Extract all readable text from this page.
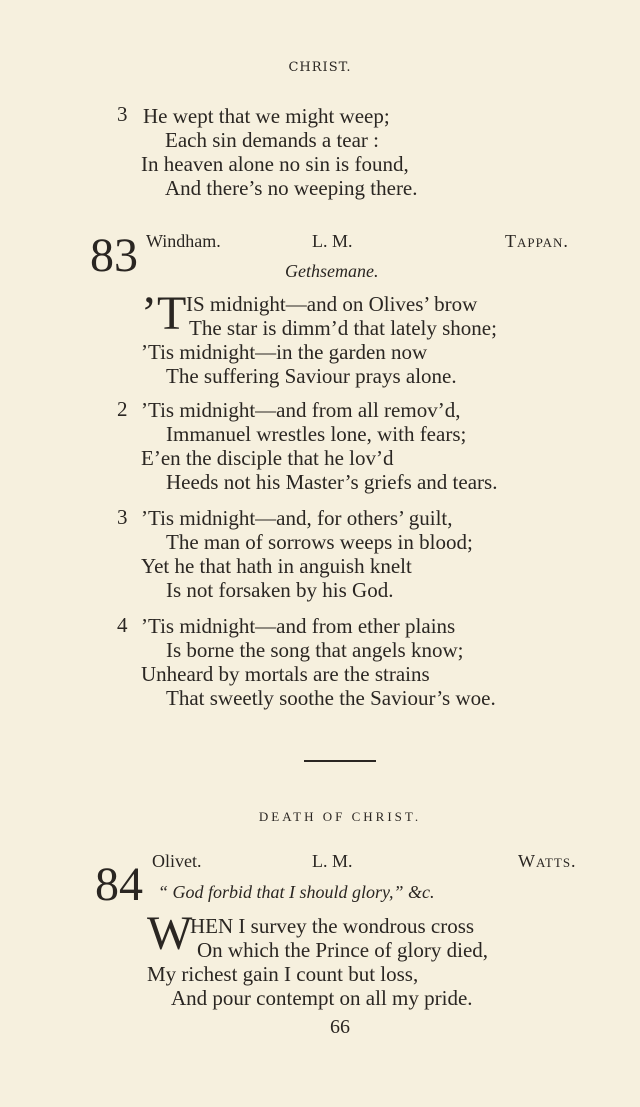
CHRIST.
3 He wept that we might weep;
Each sin demands a tear :
In heaven alone no sin is found,
And there’s no weeping there.
83 Windham.	L. M.	Tappan.
Gethsemane.
’T IS midnight—and on Olives’ brow
The star is dimm’d that lately shone;
’Tis midnight—in the garden now
The suffering Saviour prays alone.
2 ’Tis midnight—and from all remov’d,
Immanuel wrestles lone, with fears;
E’en the disciple that he lov’d
Heeds not his Master’s griefs and tears.
3 ’Tis midnight—and, for others’ guilt,
The man of sorrows weeps in blood;
Yet he that hath in anguish knelt
Is not forsaken by his God.
4 ’Tis midnight—and from ether plains
Is borne the song that angels know;
Unheard by mortals are the strains
That sweetly soothe the Saviour’s woe.
DEATH OF CHRIST.
84 Olivet.	L. M.	Watts.
“ God forbid that I should glory,” &c.
W
HEN I survey the wondrous cross
On which the Prince of glory died,
My richest gain I count but loss,
And pour contempt on all my pride.
66
